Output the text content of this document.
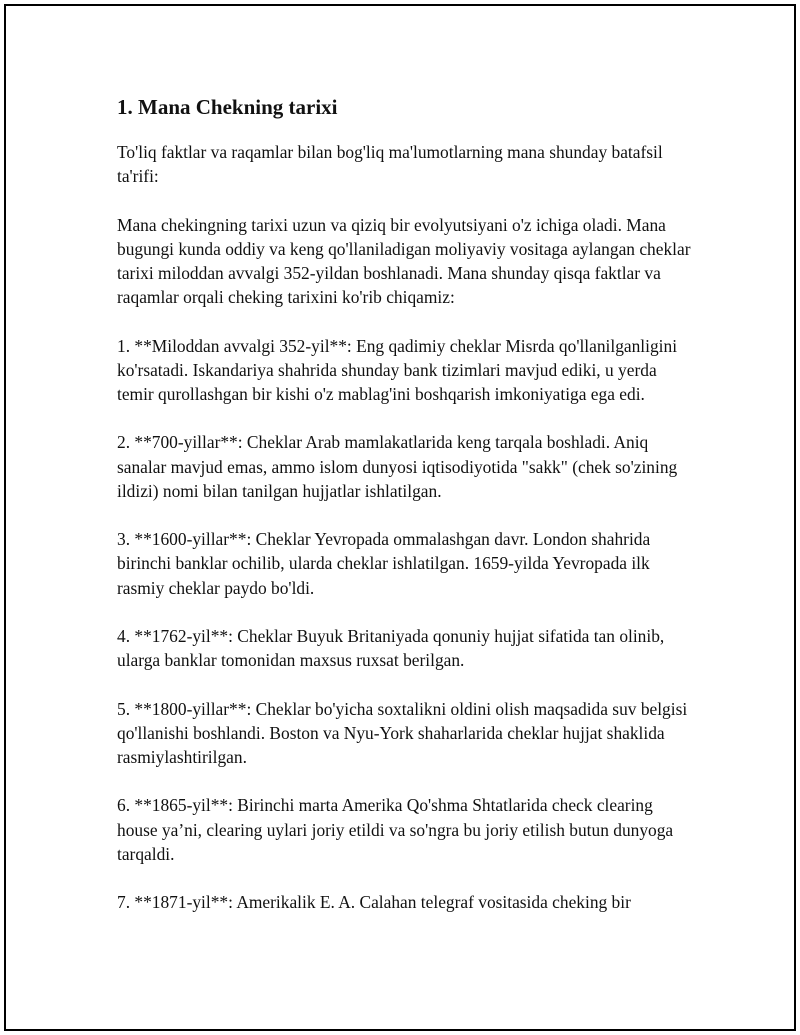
1. Mana Chekning tarixi

To'liq faktlar va raqamlar bilan bog'liq ma'lumotlarning mana shunday batafsil ta'rifi:

Mana chekingning tarixi uzun va qiziq bir evolyutsiyani o'z ichiga oladi. Mana bugungi kunda oddiy va keng qo'llaniladigan moliyaviy vositaga aylangan cheklar tarixi miloddan avvalgi 352-yildan boshlanadi. Mana shunday qisqa faktlar va raqamlar orqali cheking tarixini ko'rib chiqamiz:

1. **Miloddan avvalgi 352-yil**: Eng qadimiy cheklar Misrda qo'llanilganligini ko'rsatadi. Iskandariya shahrida shunday bank tizimlari mavjud ediki, u yerda temir qurollashgan bir kishi o'z mablag'ini boshqarish imkoniyatiga ega edi.

2. **700-yillar**: Cheklar Arab mamlakatlarida keng tarqala boshladi. Aniq sanalar mavjud emas, ammo islom dunyosi iqtisodiyotida "sakk" (chek so'zining ildizi) nomi bilan tanilgan hujjatlar ishlatilgan.

3. **1600-yillar**: Cheklar Yevropada ommalashgan davr. London shahrida birinchi banklar ochilib, ularda cheklar ishlatilgan. 1659-yilda Yevropada ilk rasmiy cheklar paydo bo'ldi.

4. **1762-yil**: Cheklar Buyuk Britaniyada qonuniy hujjat sifatida tan olinib, ularga banklar tomonidan maxsus ruxsat berilgan.

5. **1800-yillar**: Cheklar bo'yicha soxtalikni oldini olish maqsadida suv belgisi qo'llanishi boshlandi. Boston va Nyu-York shaharlarida cheklar hujjat shaklida rasmiylashtirilgan.

6. **1865-yil**: Birinchi marta Amerika Qo'shma Shtatlarida check clearing house ya’ni, clearing uylari joriy etildi va so'ngra bu joriy etilish butun dunyoga tarqaldi.

7. **1871-yil**: Amerikalik E. A. Calahan telegraf vositasida cheking bir
